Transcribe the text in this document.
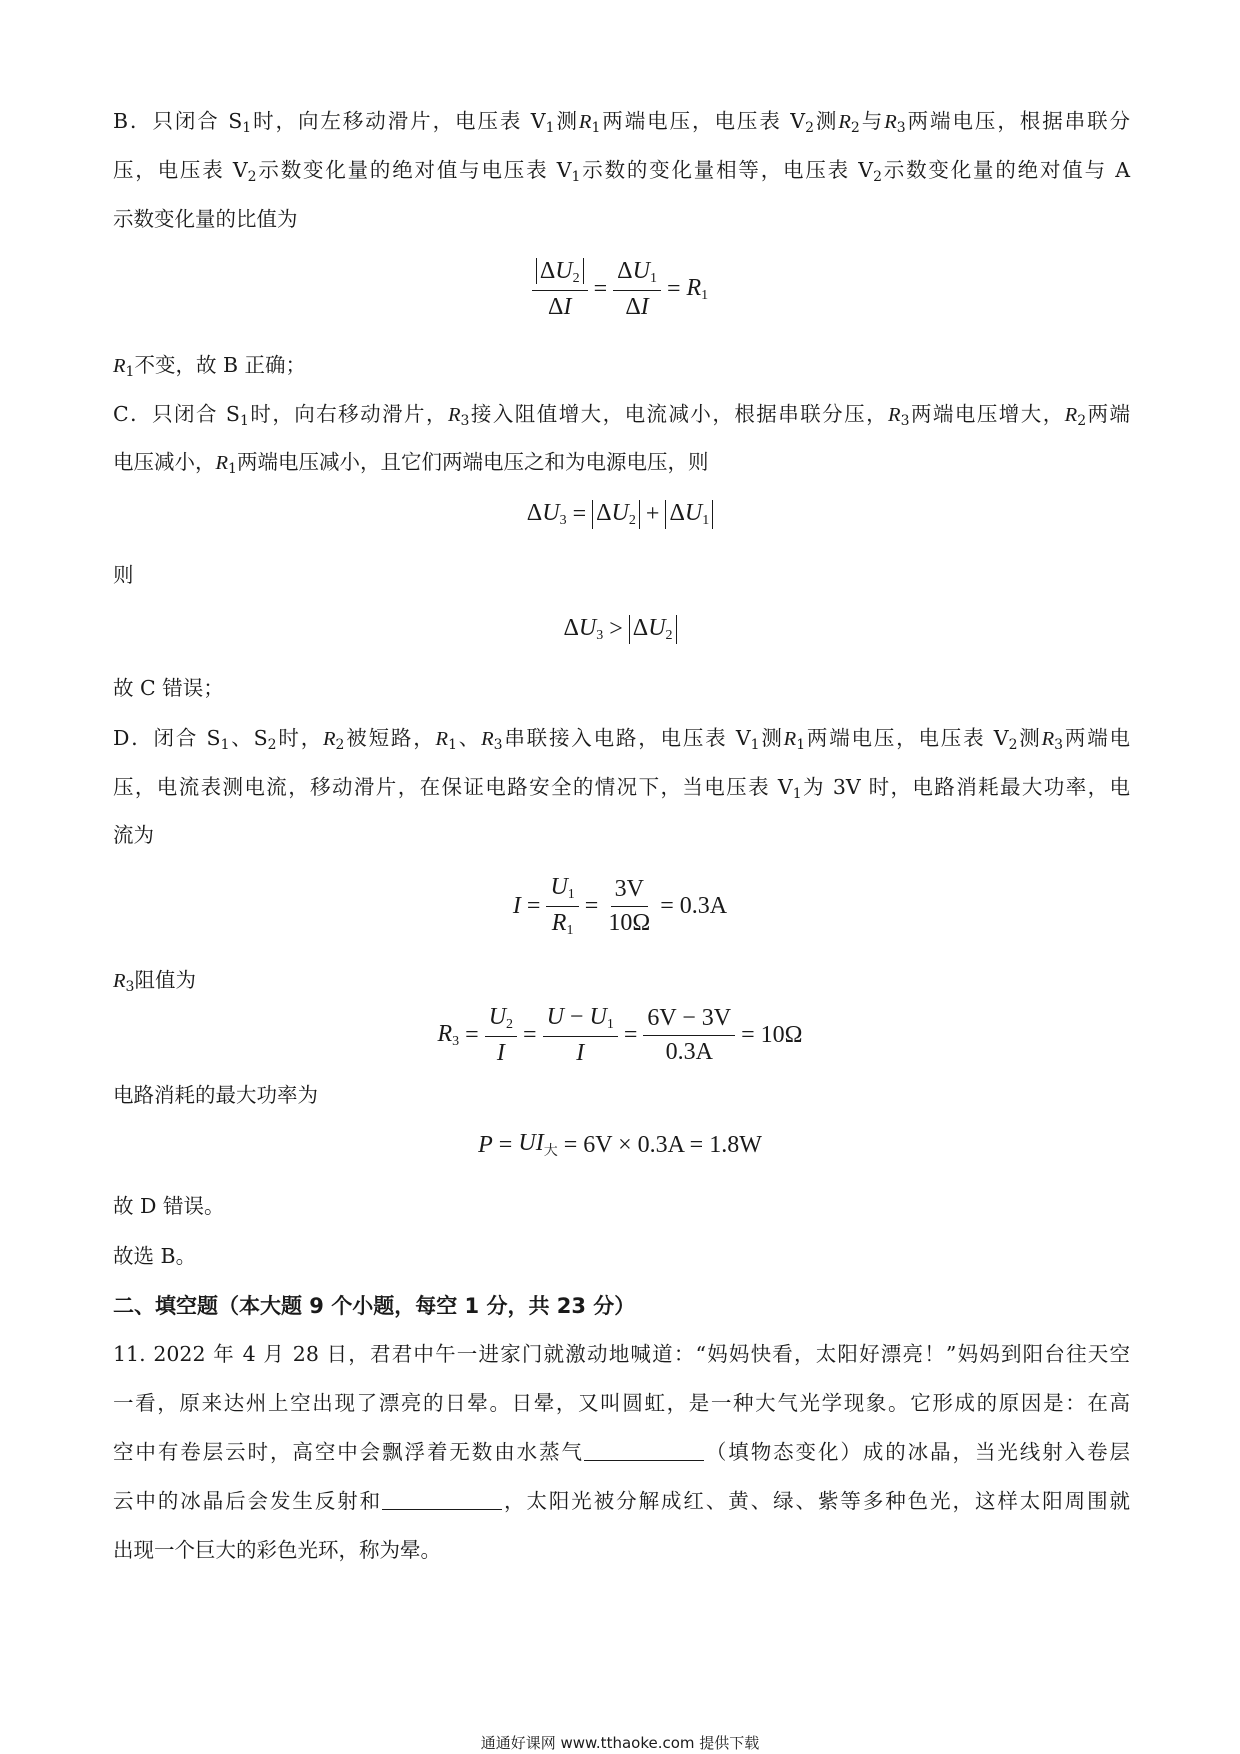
B．只闭合 $S_1$时，向左移动滑片，电压表 $V_1$测$R_1$两端电压，电压表 $V_2$测$R_2$与$R_3$两端电压，根据串联分
压，电压表 $V_2$示数变化量的绝对值与电压表 $V_1$示数的变化量相等，电压表 $V_2$示数变化量的绝对值与 A
示数变化量的比值为
$\frac{\Delta U_2}{\Delta I} = \frac{\Delta U_1}{\Delta I} = R_1$
$R_1$不变，故 B 正确；
C．只闭合 $S_1$时，向右移动滑片，$R_3$接入阻值增大，电流减小，根据串联分压，$R_3$两端电压增大，$R_2$两端
电压减小，$R_1$两端电压减小，且它们两端电压之和为电源电压，则
$\Delta U_3 = \Delta U_2 + \Delta U_1$
则
$\Delta U_3 > \Delta U_2$
故 C 错误；
D．闭合 $S_1$、$S_2$时，$R_2$被短路，$R_1$、$R_3$串联接入电路，电压表 $V_1$测$R_1$两端电压，电压表 $V_2$测$R_3$两端电
压，电流表测电流，移动滑片，在保证电路安全的情况下，当电压表 $V_1$为 3V 时，电路消耗最大功率，电
流为
$I = \frac{U_1}{R_1} = \frac{3V}{10\Omega} = 0.3A$
$R_3$阻值为
$R_3 = \frac{U_2}{I} = \frac{U - U_1}{I} = \frac{6V - 3V}{0.3A} = 10\Omega$
电路消耗的最大功率为
$P = UI_大 = 6V \times 0.3A = 1.8W$
故 D 错误。
故选 B。
二、填空题（本大题 9 个小题，每空 1 分，共 23 分）
11. 2022 年 4 月 28 日，君君中午一进家门就激动地喊道：“妈妈快看，太阳好漂亮！”妈妈到阳台往天空
一看，原来达州上空出现了漂亮的日晕。日晕，又叫圆虹，是一种大气光学现象。它形成的原因是：在高
空中有卷层云时，高空中会飘浮着无数由水蒸气	（填物态变化）成的冰晶，当光线射入卷层
云中的冰晶后会发生反射和	，太阳光被分解成红、黄、绿、紫等多种色光，这样太阳周围就
出现一个巨大的彩色光环，称为晕。
通通好课网 www.tthaoke.com 提供下载
